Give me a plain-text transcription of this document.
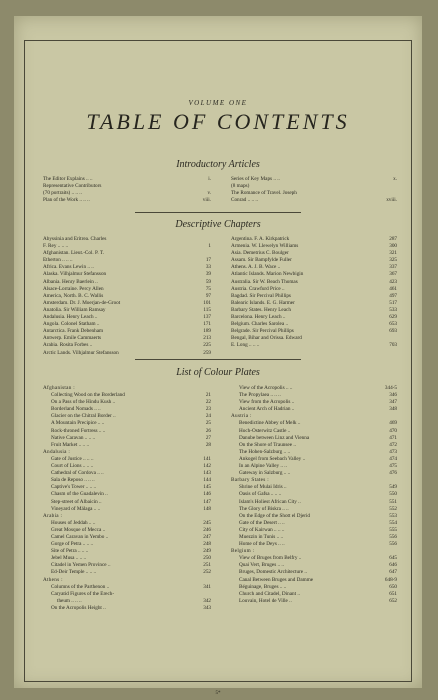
VOLUME ONE
TABLE OF CONTENTS
Introductory Articles
The Editor Explains .. ..	i.
Representative Contributors
(70 portraits) .. .. ..	v.
Plan of the Work .. .. ..	viii.
Series of Key Maps .. ..	x.
(8 maps)
The Romance of Travel. Joseph
Conrad .. .. ..	xviii.
Descriptive Chapters
Abyssinia and Eritrea. Charles
F. Rey .. .. ..	1
Afghanistan. Lieut.-Col. P. T.
Etherton .. .. ..	17
Africa. Evans Lewin .. ..	33
Alaska. Vilhjalmur Stefansson	39
Albania. Henry Baerlein ..	59
Alsace-Lorraine. Percy Allen	75
America, North. B. C. Wallis	97
Amsterdam. Dr. J. Moerjan-de-Groot	101
Anatolia. Sir William Ramsay	115
Andalusia. Henry Leach ..	137
Angola. Colonel Statham ..	171
Antarctica. Frank Debenham	189
Antwerp. Emile Cammaerts	213
Arabia. Rosita Forbes ..	225
Arctic Lands. Vilhjalmur Stefansson	259
Argentina. F. A. Kirkpatrick	287
Armenia. W. Llewelyn Williams	300
Asia. Demetrius C. Boulger	321
Assam. Sir Bampfylde Fuller	325
Athens. A. J. B. Wace ..	337
Atlantic Islands. Marion Newbigin	367
Australia. Sir W. Beach Thomas	423
Austria. Crawfurd Price ..	461
Bagdad. Sir Percival Phillips	497
Balearic Islands. E. G. Harmer	517
Barbary States. Henry Leach	533
Barcelona. Henry Leach ..	629
Belgium. Charles Sarolea ..	653
Belgrade. Sir Percival Phillips	693
Bengal, Bihar and Orissa. Edward
E. Long .. .. ..	703
List of Colour Plates
Afghanistan :
Collecting Wood on the Borderland	21
On a Pass of the Hindu Kush ..	22
Borderland Nomads .. ..	23
Glacier on the Chitral Border ..	24
A Mountain Precipice .. ..	25
Rock-throned Fortress .. ..	26
Native Caravan .. .. ..	27
Fruit Market .. .. ..	28
Andalusia :
Gate of Justice .. .. ..	141
Court of Lions .. .. ..	142
Cathedral of Cordova .. ..	143
Sala de Reposo .. .. ..	144
Captive's Tower .. .. ..	145
Chasm of the Guadalevin ..	146
Step-street of Albaicin ..	147
Vineyard of Málaga .. ..	148
Arabia :
Houses of Jeddah .. ..	245
Great Mosque of Mecca ..	246
Camel Caravan in Yembo ..	247
Gorge of Petra .. .. ..	248
Site of Petra .. .. ..	249
Jebel Musa .. .. ..	250
Citadel in Yemen Province ..	251
Ed-Deir Temple .. .. ..	252
Athens :
Columns of the Parthenon ..	341
Caryatid Figures of the Erech-
theum .. .. ..	342
On the Acropolis Height ..	343
View of the Acropolis .. ..	344-5
The Propylaea .. .. ..	346
View from the Acropolis ..	347
Ancient Arch of Hadrian ..	348
Austria :
Benedictine Abbey of Melk ..	469
Hoch-Osterwitz Castle ..	470
Danube between Linz and Vienna	471
On the Shore of Traunsee ..	472
The Hohen-Salzburg .. ..	473
Ankogel from Seebach Valley ..	474
In an Alpine Valley .. ..	475
Gateway in Salzburg .. ..	476
Barbary States :
Shrine of Mulai Idris ..	549
Oasis of Gafsa .. .. ..	550
Islam's Holiest African City ..	551
The Glory of Biskra .. ..	552
On the Edge of the Shott el Djerid	553
Gate of the Desert .. ..	554
City of Kairwan .. .. ..	555
Muezzin in Tunis .. ..	556
Home of the Deys .. ..	556
Belgium :
View of Bruges from Belfry ..	645
Quai Vert, Bruges .. ..	646
Bruges, Domestic Architecture ..	647
Canal Between Bruges and Damme	648-9
Béguinage, Bruges .. ..	650
Church and Citadel, Dinant ..	651
Louvain, Hotel de Ville ..	652
5*
